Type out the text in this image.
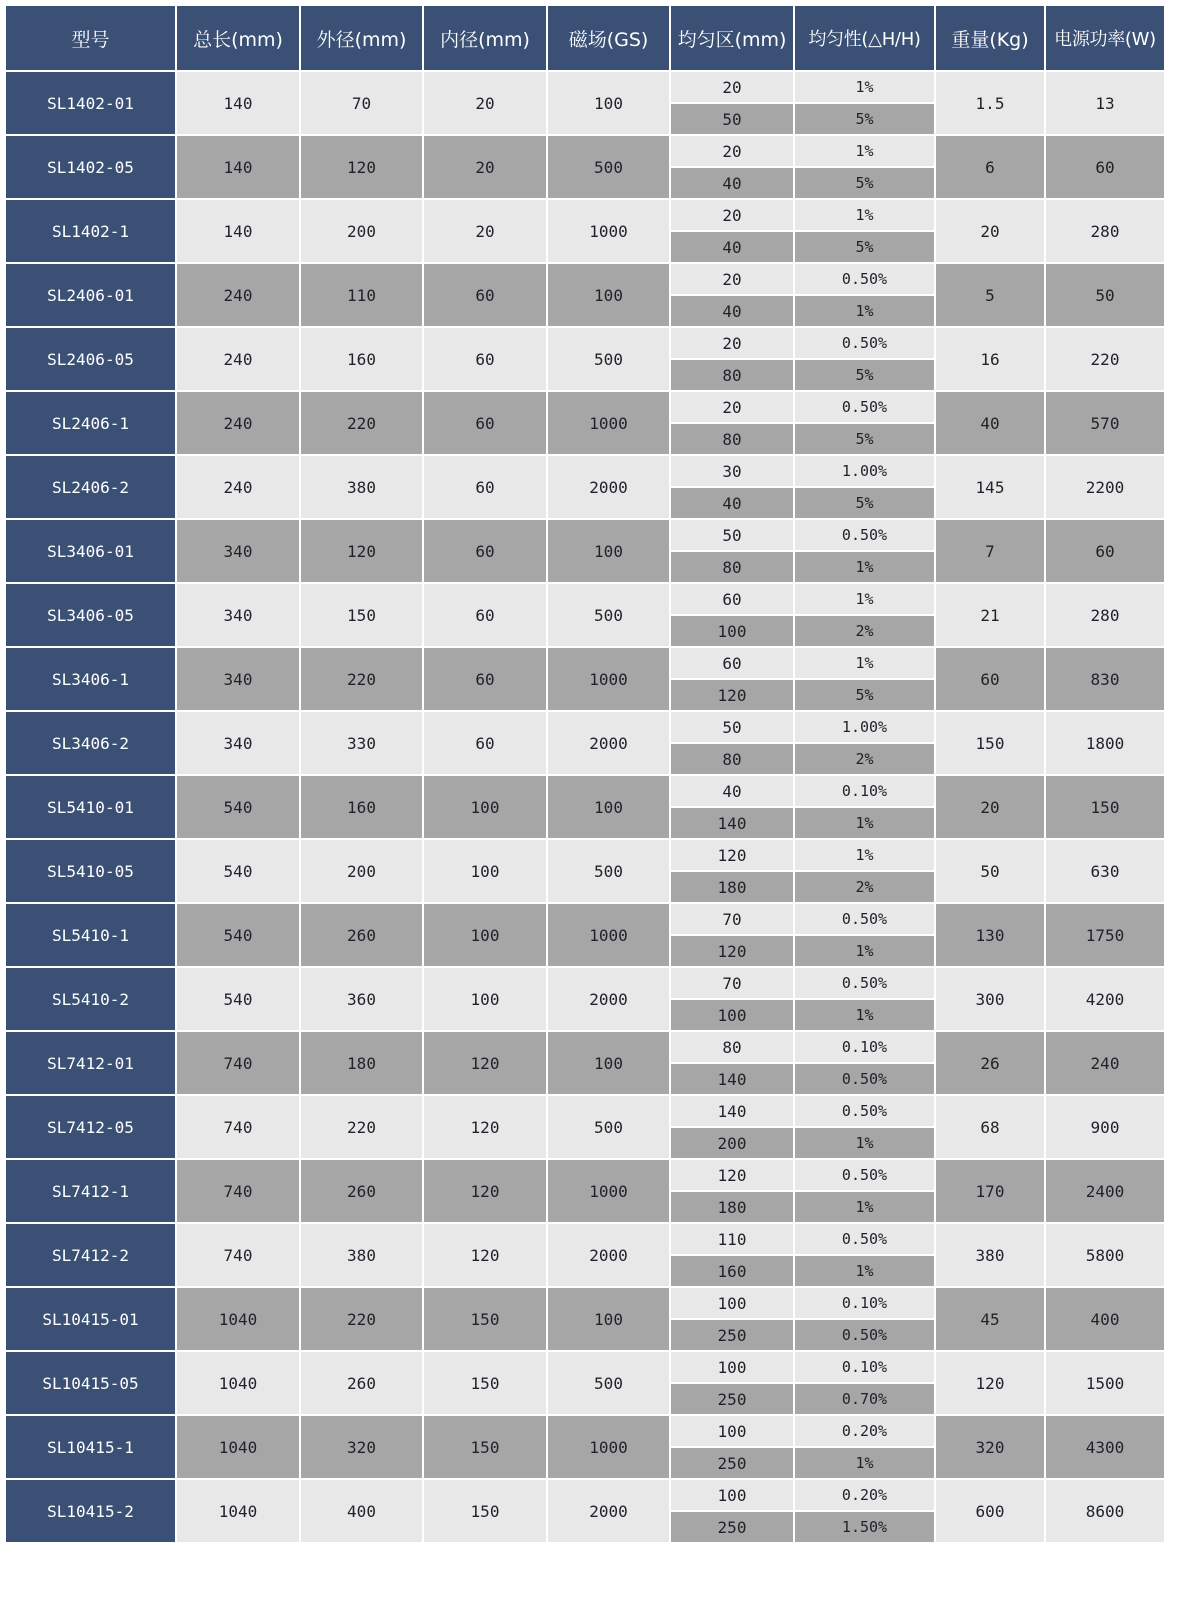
型号	总长(mm)	外径(mm)	内径(mm)	磁场(GS)	均匀区(mm)	均匀性(△H/H)	重量(Kg)	电源功率(W)
SL1402-01	140	70	20	100	20	1%	1.5	13
					50	5%		
SL1402-05	140	120	20	500	20	1%	6	60
					40	5%		
SL1402-1	140	200	20	1000	20	1%	20	280
					40	5%		
SL2406-01	240	110	60	100	20	0.50%	5	50
					40	1%		
SL2406-05	240	160	60	500	20	0.50%	16	220
					80	5%		
SL2406-1	240	220	60	1000	20	0.50%	40	570
					80	5%		
SL2406-2	240	380	60	2000	30	1.00%	145	2200
					40	5%		
SL3406-01	340	120	60	100	50	0.50%	7	60
					80	1%		
SL3406-05	340	150	60	500	60	1%	21	280
					100	2%		
SL3406-1	340	220	60	1000	60	1%	60	830
					120	5%		
SL3406-2	340	330	60	2000	50	1.00%	150	1800
					80	2%		
SL5410-01	540	160	100	100	40	0.10%	20	150
					140	1%		
SL5410-05	540	200	100	500	120	1%	50	630
					180	2%		
SL5410-1	540	260	100	1000	70	0.50%	130	1750
					120	1%		
SL5410-2	540	360	100	2000	70	0.50%	300	4200
					100	1%		
SL7412-01	740	180	120	100	80	0.10%	26	240
					140	0.50%		
SL7412-05	740	220	120	500	140	0.50%	68	900
					200	1%		
SL7412-1	740	260	120	1000	120	0.50%	170	2400
					180	1%		
SL7412-2	740	380	120	2000	110	0.50%	380	5800
					160	1%		
SL10415-01	1040	220	150	100	100	0.10%	45	400
					250	0.50%		
SL10415-05	1040	260	150	500	100	0.10%	120	1500
					250	0.70%		
SL10415-1	1040	320	150	1000	100	0.20%	320	4300
					250	1%		
SL10415-2	1040	400	150	2000	100	0.20%	600	8600
					250	1.50%		
